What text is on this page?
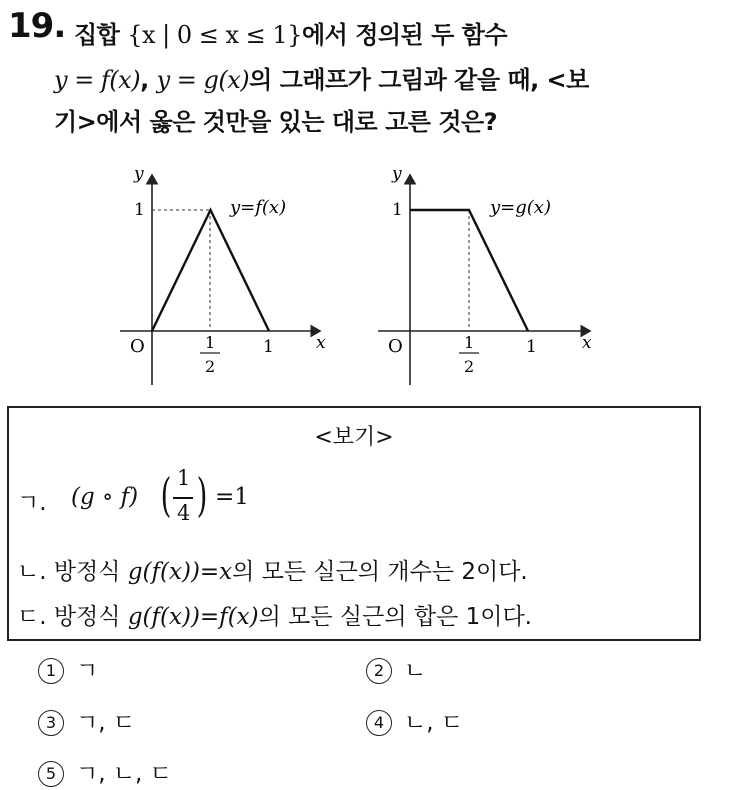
19. 집합 {x | 0 ≤ x ≤ 1}에서 정의된 두 함수
y = f(x), y = g(x)의 그래프가 그림과 같을 때, <보
기>에서 옳은 것만을 있는 대로 고른 것은?
y
x
1
O	1
1
2
y=f(x)
y
x
1
O	1
1
2
y=g(x)
<보기>
ㄱ. (g ∘ f) ( 1
4 ) =1
ㄴ. 방정식 g(f(x))=x의 모든 실근의 개수는 2이다.
ㄷ. 방정식 g(f(x))=f(x)의 모든 실근의 합은 1이다.
1 ㄱ	2 ㄴ
3 ㄱ, ㄷ	4 ㄴ, ㄷ
5 ㄱ, ㄴ, ㄷ
